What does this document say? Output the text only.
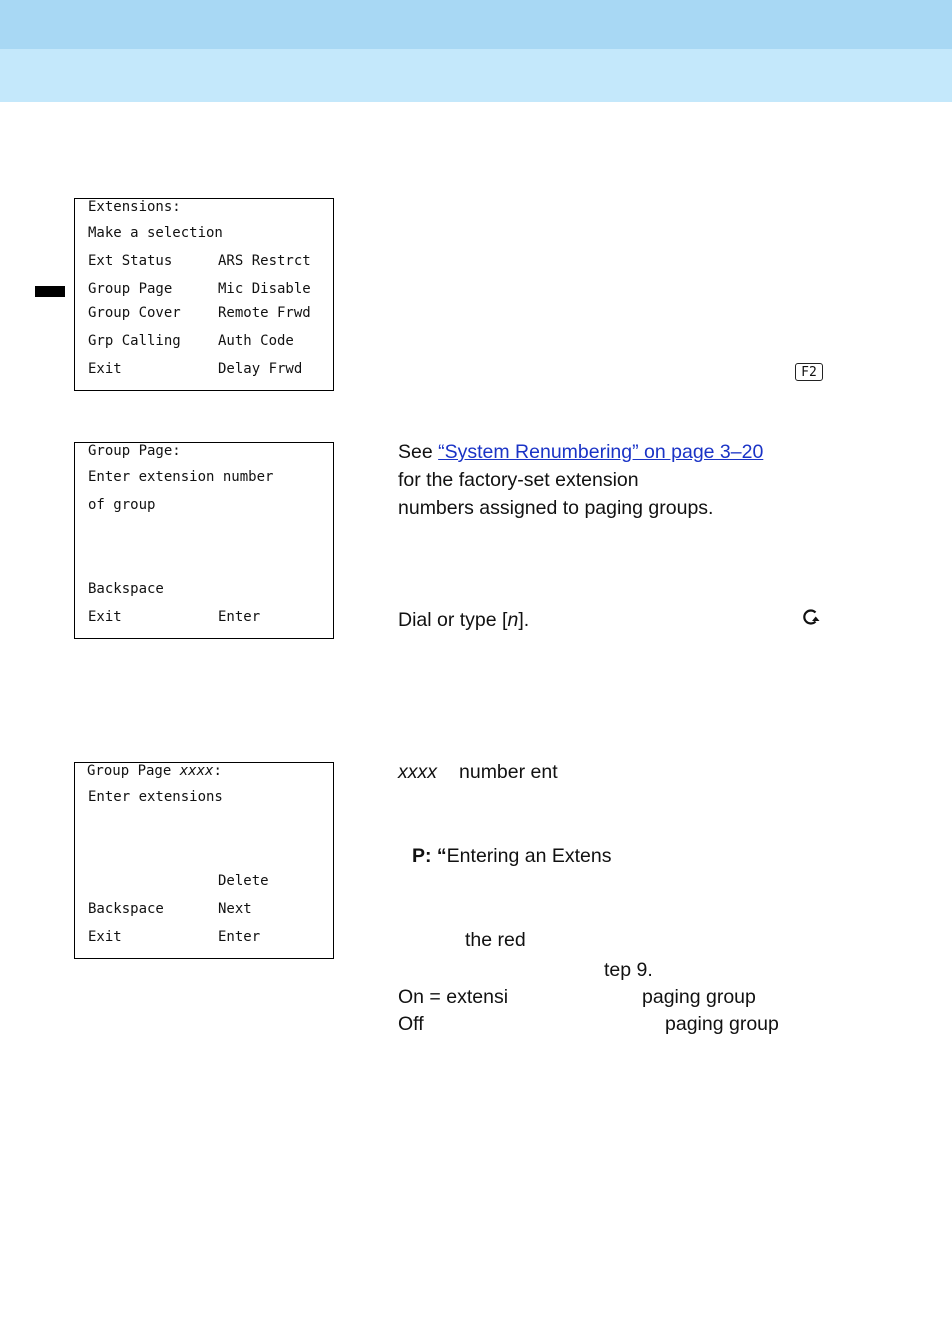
Extensions:
Make a selection
Ext Status	ARS Restrct
Group Page	Mic Disable
Group Cover	Remote Frwd
Grp Calling	Auth Code
Exit	Delay Frwd	F2
Group Page:
Enter extension number
of group
Backspace
Exit	Enter
See “System Renumbering” on page 3–20
for the factory-set extension
numbers assigned to paging groups.
Dial or type [n].
Group Page xxxx:
Enter extensions
Delete
Backspace	Next
Exit	Enter
xxxx number ent
P: “Entering an Extens
the red
tep 9.
On = extensi	paging group
Off	paging group
